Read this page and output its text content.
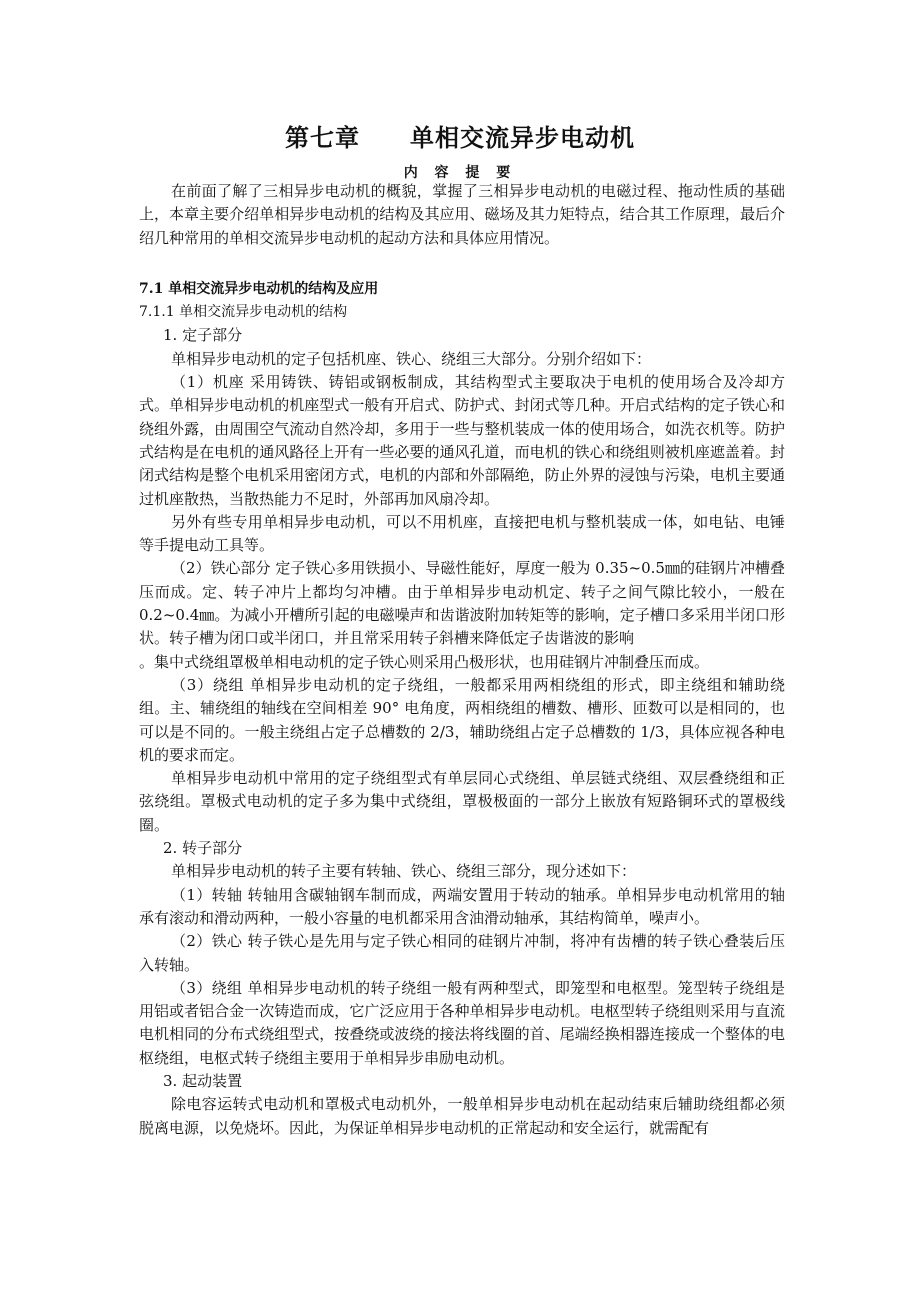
第七章 单相交流异步电动机
内 容 提 要

在前面了解了三相异步电动机的概貌，掌握了三相异步电动机的电磁过程、拖动性质的基础上，本章主要介绍单相异步电动机的结构及其应用、磁场及其力矩特点，结合其工作原理，最后介绍几种常用的单相交流异步电动机的起动方法和具体应用情况。

7.1 单相交流异步电动机的结构及应用

7.1.1 单相交流异步电动机的结构

1. 定子部分

单相异步电动机的定子包括机座、铁心、绕组三大部分。分别介绍如下：

（1）机座 采用铸铁、铸铝或钢板制成，其结构型式主要取决于电机的使用场合及冷却方式。单相异步电动机的机座型式一般有开启式、防护式、封闭式等几种。开启式结构的定子铁心和绕组外露，由周围空气流动自然冷却，多用于一些与整机装成一体的使用场合，如洗衣机等。防护式结构是在电机的通风路径上开有一些必要的通风孔道，而电机的铁心和绕组则被机座遮盖着。封闭式结构是整个电机采用密闭方式，电机的内部和外部隔绝，防止外界的浸蚀与污染，电机主要通过机座散热，当散热能力不足时，外部再加风扇冷却。

另外有些专用单相异步电动机，可以不用机座，直接把电机与整机装成一体，如电钻、电锤等手提电动工具等。

（2）铁心部分 定子铁心多用铁损小、导磁性能好，厚度一般为 0.35~0.5㎜的硅钢片冲槽叠压而成。定、转子冲片上都均匀冲槽。由于单相异步电动机定、转子之间气隙比较小，一般在 0.2~0.4㎜。为减小开槽所引起的电磁噪声和齿谐波附加转矩等的影响，定子槽口多采用半闭口形状。转子槽为闭口或半闭口，并且常采用转子斜槽来降低定子齿谐波的影响

。集中式绕组罩极单相电动机的定子铁心则采用凸极形状，也用硅钢片冲制叠压而成。

（3）绕组 单相异步电动机的定子绕组，一般都采用两相绕组的形式，即主绕组和辅助绕组。主、辅绕组的轴线在空间相差 90° 电角度，两相绕组的槽数、槽形、匝数可以是相同的，也可以是不同的。一般主绕组占定子总槽数的 2/3，辅助绕组占定子总槽数的 1/3，具体应视各种电机的要求而定。

单相异步电动机中常用的定子绕组型式有单层同心式绕组、单层链式绕组、双层叠绕组和正弦绕组。罩极式电动机的定子多为集中式绕组，罩极极面的一部分上嵌放有短路铜环式的罩极线圈。

2. 转子部分

单相异步电动机的转子主要有转轴、铁心、绕组三部分，现分述如下：

（1）转轴 转轴用含碳轴钢车制而成，两端安置用于转动的轴承。单相异步电动机常用的轴承有滚动和滑动两种，一般小容量的电机都采用含油滑动轴承，其结构简单，噪声小。

（2）铁心 转子铁心是先用与定子铁心相同的硅钢片冲制，将冲有齿槽的转子铁心叠装后压入转轴。

（3）绕组 单相异步电动机的转子绕组一般有两种型式，即笼型和电枢型。笼型转子绕组是用铝或者铝合金一次铸造而成，它广泛应用于各种单相异步电动机。电枢型转子绕组则采用与直流电机相同的分布式绕组型式，按叠绕或波绕的接法将线圈的首、尾端经换相器连接成一个整体的电枢绕组，电枢式转子绕组主要用于单相异步串励电动机。

3. 起动装置

除电容运转式电动机和罩极式电动机外，一般单相异步电动机在起动结束后辅助绕组都必须脱离电源，以免烧坏。因此，为保证单相异步电动机的正常起动和安全运行，就需配有
